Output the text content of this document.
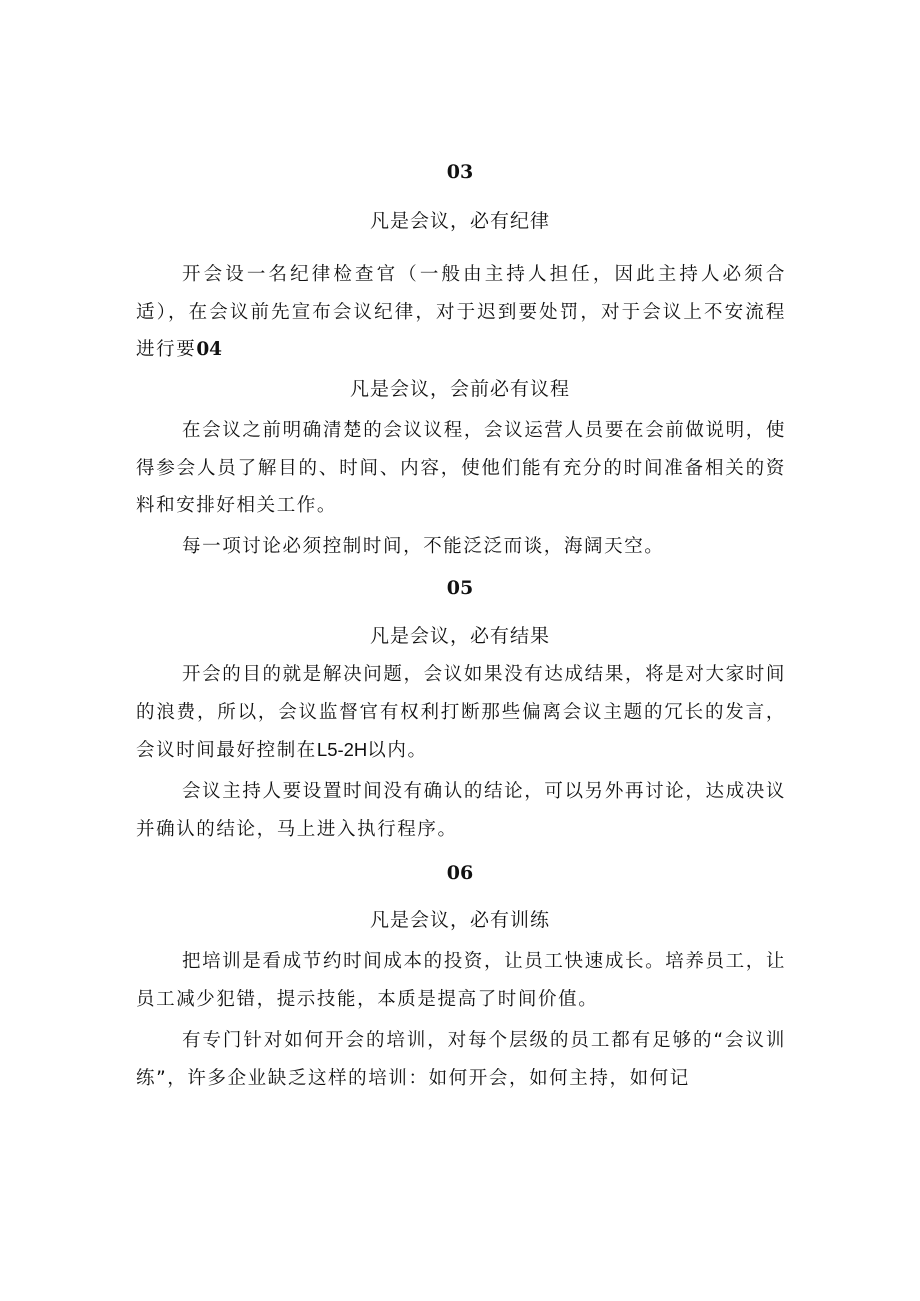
03
凡是会议，必有纪律

开会设一名纪律检查官（一般由主持人担任，因此主持人必须合适），在会议前先宣布会议纪律，对于迟到要处罚，对于会议上不安流程进行要04

凡是会议，会前必有议程

在会议之前明确清楚的会议议程，会议运营人员要在会前做说明，使得参会人员了解目的、时间、内容，使他们能有充分的时间准备相关的资料和安排好相关工作。

每一项讨论必须控制时间，不能泛泛而谈，海阔天空。

05
凡是会议，必有结果

开会的目的就是解决问题，会议如果没有达成结果，将是对大家时间的浪费，所以，会议监督官有权利打断那些偏离会议主题的冗长的发言，会议时间最好控制在L5-2H以内。

会议主持人要设置时间没有确认的结论，可以另外再讨论，达成决议并确认的结论，马上进入执行程序。

06
凡是会议，必有训练

把培训是看成节约时间成本的投资，让员工快速成长。培养员工，让员工减少犯错，提示技能，本质是提高了时间价值。

有专门针对如何开会的培训，对每个层级的员工都有足够的“会议训练”，许多企业缺乏这样的培训：如何开会，如何主持，如何记
